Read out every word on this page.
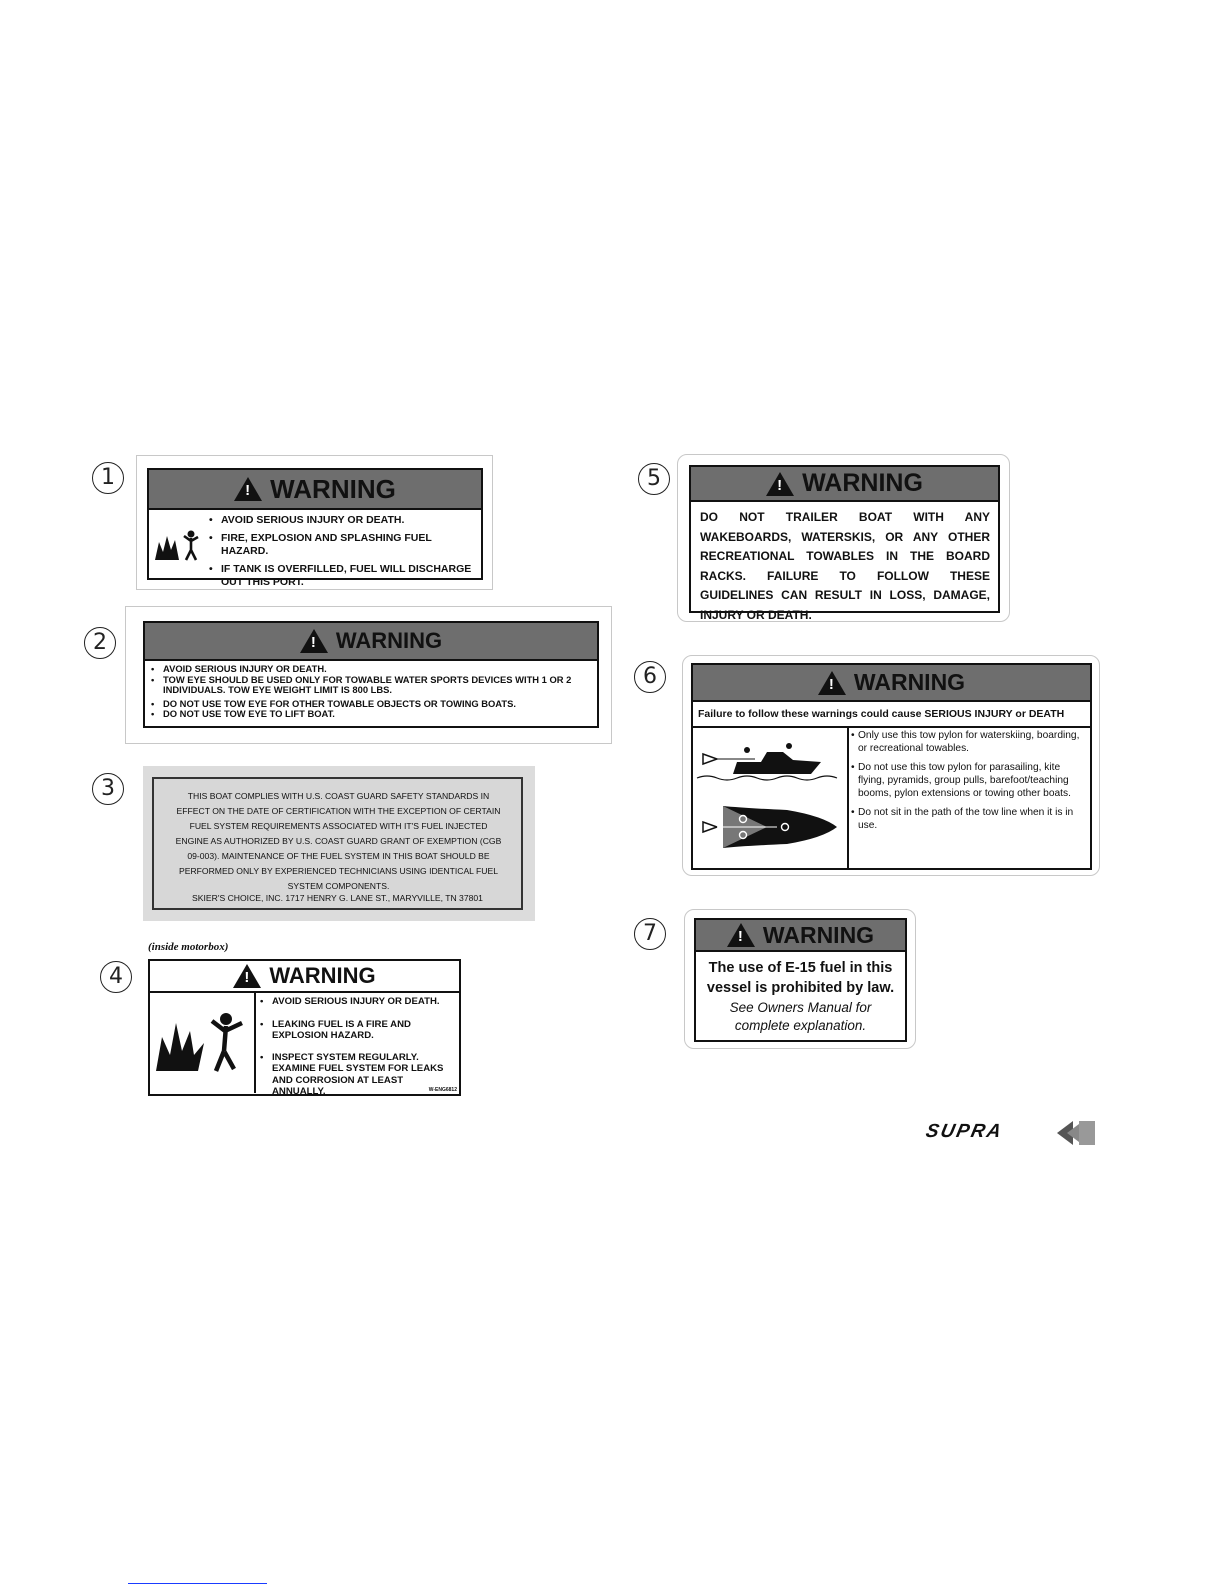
1 !	WARNING
• AVOID SERIOUS INJURY OR DEATH.
• FIRE, EXPLOSION AND SPLASHING FUEL HAZARD.
• IF TANK IS OVERFILLED, FUEL WILL DISCHARGE OUT THIS PORT.
2 !	WARNING
• AVOID SERIOUS INJURY OR DEATH.
• TOW EYE SHOULD BE USED ONLY FOR TOWABLE WATER SPORTS DEVICES WITH 1 OR 2 INDIVIDUALS. TOW EYE WEIGHT LIMIT IS 800 LBS.
• DO NOT USE TOW EYE FOR OTHER TOWABLE OBJECTS OR TOWING BOATS.
• DO NOT USE TOW EYE TO LIFT BOAT.
3	THIS BOAT COMPLIES WITH U.S. COAST GUARD SAFETY STANDARDS IN EFFECT ON THE DATE OF CERTIFICATION WITH THE EXCEPTION OF CERTAIN FUEL SYSTEM REQUIREMENTS ASSOCIATED WITH IT'S FUEL INJECTED ENGINE AS AUTHORIZED BY U.S. COAST GUARD GRANT OF EXEMPTION (CGB 09-003). MAINTENANCE OF THE FUEL SYSTEM IN THIS BOAT SHOULD BE PERFORMED ONLY BY EXPERIENCED TECHNICIANS USING IDENTICAL FUEL SYSTEM COMPONENTS.
SKIER'S CHOICE, INC. 1717 HENRY G. LANE ST., MARYVILLE, TN 37801
(inside motorbox)
4 !	WARNING
• AVOID SERIOUS INJURY OR DEATH.
• LEAKING FUEL IS A FIRE AND EXPLOSION HAZARD.
• INSPECT SYSTEM REGULARLY. EXAMINE FUEL SYSTEM FOR LEAKS AND CORROSION AT LEAST ANNUALLY.	W-ENG6812
5 !	WARNING
DO NOT TRAILER BOAT WITH ANY WAKEBOARDS, WATERSKIS, OR ANY OTHER RECREATIONAL TOWABLES IN THE BOARD RACKS. FAILURE TO FOLLOW THESE GUIDELINES CAN RESULT IN LOSS, DAMAGE, INJURY OR DEATH.
6 !	WARNING
Failure to follow these warnings could cause SERIOUS INJURY or DEATH
• Only use this tow pylon for waterskiing, boarding, or recreational towables.
• Do not use this tow pylon for parasailing, kite flying, pyramids, group pulls, barefoot/teaching booms, pylon extensions or towing other boats.
• Do not sit in the path of the tow line when it is in use.
7 !	WARNING
The use of E-15 fuel in this vessel is prohibited by law.
See Owners Manual for complete explanation.
SUPRA
